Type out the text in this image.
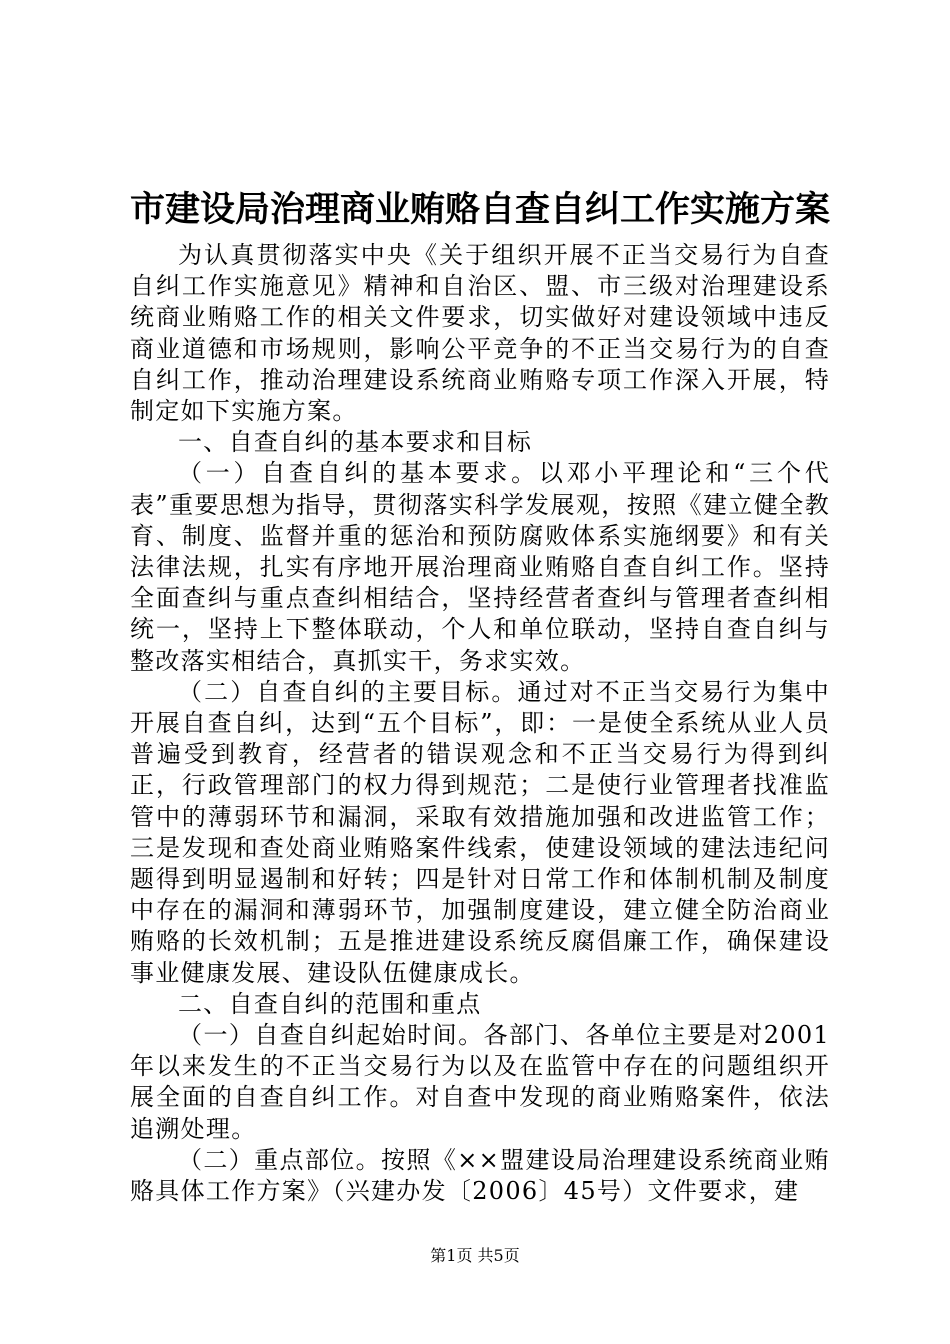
市建设局治理商业贿赂自查自纠工作实施方案

为认真贯彻落实中央《关于组织开展不正当交易行为自查自纠工作实施意见》精神和自治区、盟、市三级对治理建设系统商业贿赂工作的相关文件要求，切实做好对建设领域中违反商业道德和市场规则，影响公平竞争的不正当交易行为的自查自纠工作，推动治理建设系统商业贿赂专项工作深入开展，特制定如下实施方案。

一、自查自纠的基本要求和目标

（一）自查自纠的基本要求。以邓小平理论和“三个代表”重要思想为指导，贯彻落实科学发展观，按照《建立健全教育、制度、监督并重的惩治和预防腐败体系实施纲要》和有关法律法规，扎实有序地开展治理商业贿赂自查自纠工作。坚持全面查纠与重点查纠相结合，坚持经营者查纠与管理者查纠相统一，坚持上下整体联动，个人和单位联动，坚持自查自纠与整改落实相结合，真抓实干，务求实效。

（二）自查自纠的主要目标。通过对不正当交易行为集中开展自查自纠，达到“五个目标”，即：一是使全系统从业人员普遍受到教育，经营者的错误观念和不正当交易行为得到纠正，行政管理部门的权力得到规范；二是使行业管理者找准监管中的薄弱环节和漏洞，采取有效措施加强和改进监管工作；三是发现和查处商业贿赂案件线索，使建设领域的建法违纪问题得到明显遏制和好转；四是针对日常工作和体制机制及制度中存在的漏洞和薄弱环节，加强制度建设，建立健全防治商业贿赂的长效机制；五是推进建设系统反腐倡廉工作，确保建设事业健康发展、建设队伍健康成长。

二、自查自纠的范围和重点

（一）自查自纠起始时间。各部门、各单位主要是对2001年以来发生的不正当交易行为以及在监管中存在的问题组织开展全面的自查自纠工作。对自查中发现的商业贿赂案件，依法追溯处理。

（二）重点部位。按照《××盟建设局治理建设系统商业贿赂具体工作方案》（兴建办发〔2006〕45号）文件要求，建

第1页 共5页
